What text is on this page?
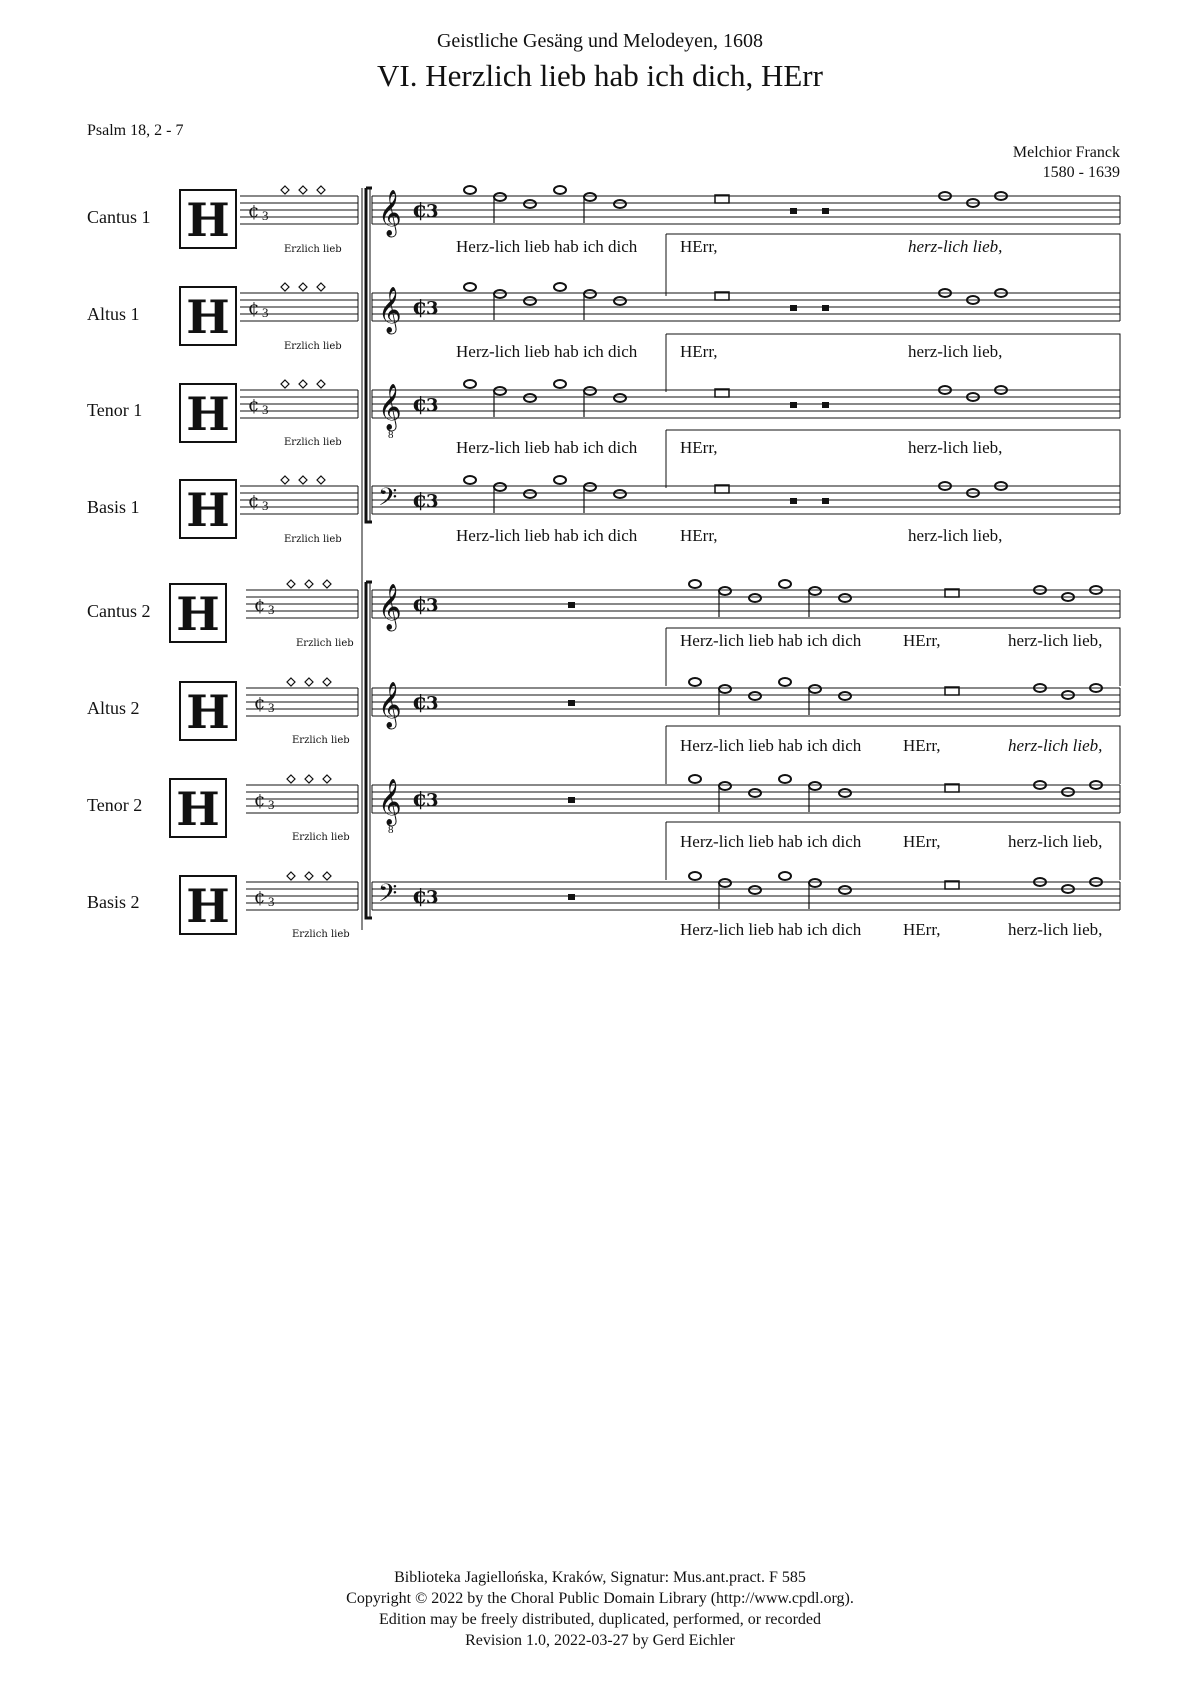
Geistliche Gesäng und Melodeyen, 1608
VI. Herzlich lieb hab ich dich, HErr
Psalm 18, 2 - 7
Melchior Franck
1580 - 1639
Cantus 1
Altus 1
Tenor 1
Basis 1
Cantus 2
Altus 2
Tenor 2
Basis 2
Erzlich lieb
Erzlich lieb
Erzlich lieb
Erzlich lieb
Erzlich lieb
Erzlich lieb
Erzlich lieb
Erzlich lieb
H	𝄞 ¢
3
¢ 3
H	𝄞 ¢
3
¢ 3
H	𝄞
8
¢
3
¢ 3
H	𝄢 ¢
3
¢ 3
H	𝄞 ¢
3
¢ 3
H	𝄞 ¢
3
¢ 3
H	𝄞
8
¢
3
¢ 3
H	𝄢 ¢
3
¢ 3
Herz-lich lieb hab ich dich	HErr,	herz-lich lieb,
Herz-lich lieb hab ich dich	HErr,	herz-lich lieb,
Herz-lich lieb hab ich dich	HErr,	herz-lich lieb,
Herz-lich lieb hab ich dich	HErr,	herz-lich lieb,
Herz-lich lieb hab ich dich HErr,	herz-lich lieb,
Herz-lich lieb hab ich dich HErr,	herz-lich lieb,
Herz-lich lieb hab ich dich HErr,	herz-lich lieb,
Herz-lich lieb hab ich dich HErr,	herz-lich lieb,
Biblioteka Jagiellońska, Kraków, Signatur: Mus.ant.pract. F 585
Copyright © 2022 by the Choral Public Domain Library (http://www.cpdl.org).
Edition may be freely distributed, duplicated, performed, or recorded
Revision 1.0, 2022-03-27 by Gerd Eichler
